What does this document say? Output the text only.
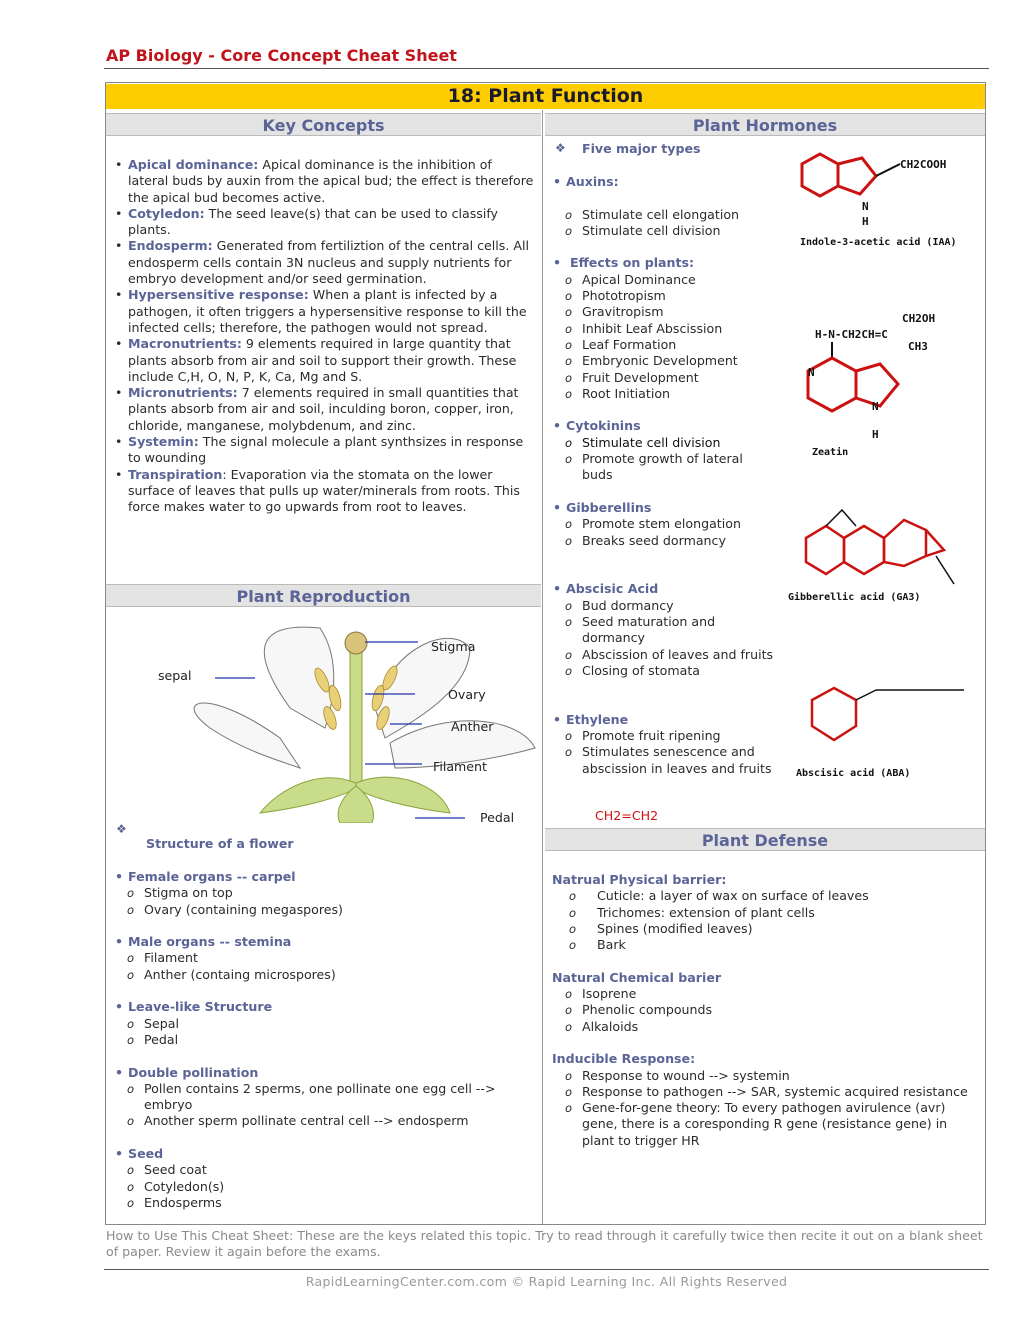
AP Biology - Core Concept Cheat Sheet
18: Plant Function
Key Concepts	Plant Hormones
Plant Reproduction
Plant Defense
• Apical dominance: Apical dominance is the inhibition of lateral buds by auxin from the apical bud; the effect is therefore the apical bud becomes active.
• Cotyledon: The seed leave(s) that can be used to classify plants.
• Endosperm: Generated from fertiliztion of the central cells. All endosperm cells contain 3N nucleus and supply nutrients for embryo development and/or seed germination.
• Hypersensitive response: When a plant is infected by a pathogen, it often triggers a hypersensitive response to kill the infected cells; therefore, the pathogen would not spread.
• Macronutrients: 9 elements required in large quantity that plants absorb from air and soil to support their growth. These include C,H, O, N, P, K, Ca, Mg and S.
• Micronutrients: 7 elements required in small quantities that plants absorb from air and soil, inculding boron, copper, iron, chloride, manganese, molybdenum, and zinc.
• Systemin: The signal molecule a plant synthsizes in response to wounding
• Transpiration: Evaporation via the stomata on the lower surface of leaves that pulls up water/minerals from roots. This force makes water to go upwards from root to leaves.
sepal
Stigma
Ovary
Anther
Filament
Pedal
❖
Structure of a flower
• Female organs -- carpel
o Stigma on top
o Ovary (containing megaspores)
• Male organs -- stemina
o Filament
o Anther (containg microspores)
• Leave-like Structure
o Sepal
o Pedal
• Double pollination
o Pollen contains 2 sperms, one pollinate one egg cell --> embryo
o Another sperm pollinate central cell --> endosperm
• Seed
o Seed coat
o Cotyledon(s)
o Endosperms
❖ Five major types
• Auxins:
o Stimulate cell elongation
o Stimulate cell division
• Effects on plants:
o Apical Dominance
o Phototropism
o Gravitropism
o Inhibit Leaf Abscission
o Leaf Formation
o Embryonic Development
o Fruit Development
o Root Initiation
• Cytokinins
o Stimulate cell division
o Promote growth of lateral buds
• Gibberellins
o Promote stem elongation
o Breaks seed dormancy
• Abscisic Acid
o Bud dormancy
o Seed maturation and dormancy
o Abscission of leaves and fruits
o Closing of stomata
• Ethylene
o Promote fruit ripening
o Stimulates senescence and abscission in leaves and fruits
CH2=CH2
CH2COOH
N
H
Indole-3-acetic acid (IAA)
H-N-CH2CH=C
CH2OH
CH3
N
N
H
Zeatin
Gibberellic acid (GA3)
Abscisic acid (ABA)
Natrual Physical barrier:
o Cuticle: a layer of wax on surface of leaves
o Trichomes: extension of plant cells
o Spines (modified leaves)
o Bark
Natural Chemical barier
o Isoprene
o Phenolic compounds
o Alkaloids
Inducible Response:
o Response to wound --> systemin
o Response to pathogen --> SAR, systemic acquired resistance
o Gene-for-gene theory: To every pathogen avirulence (avr) gene, there is a coresponding R gene (resistance gene) in plant to trigger HR
How to Use This Cheat Sheet: These are the keys related this topic. Try to read through it carefully twice then recite it out on a blank sheet of paper. Review it again before the exams.
RapidLearningCenter.com.com © Rapid Learning Inc. All Rights Reserved
